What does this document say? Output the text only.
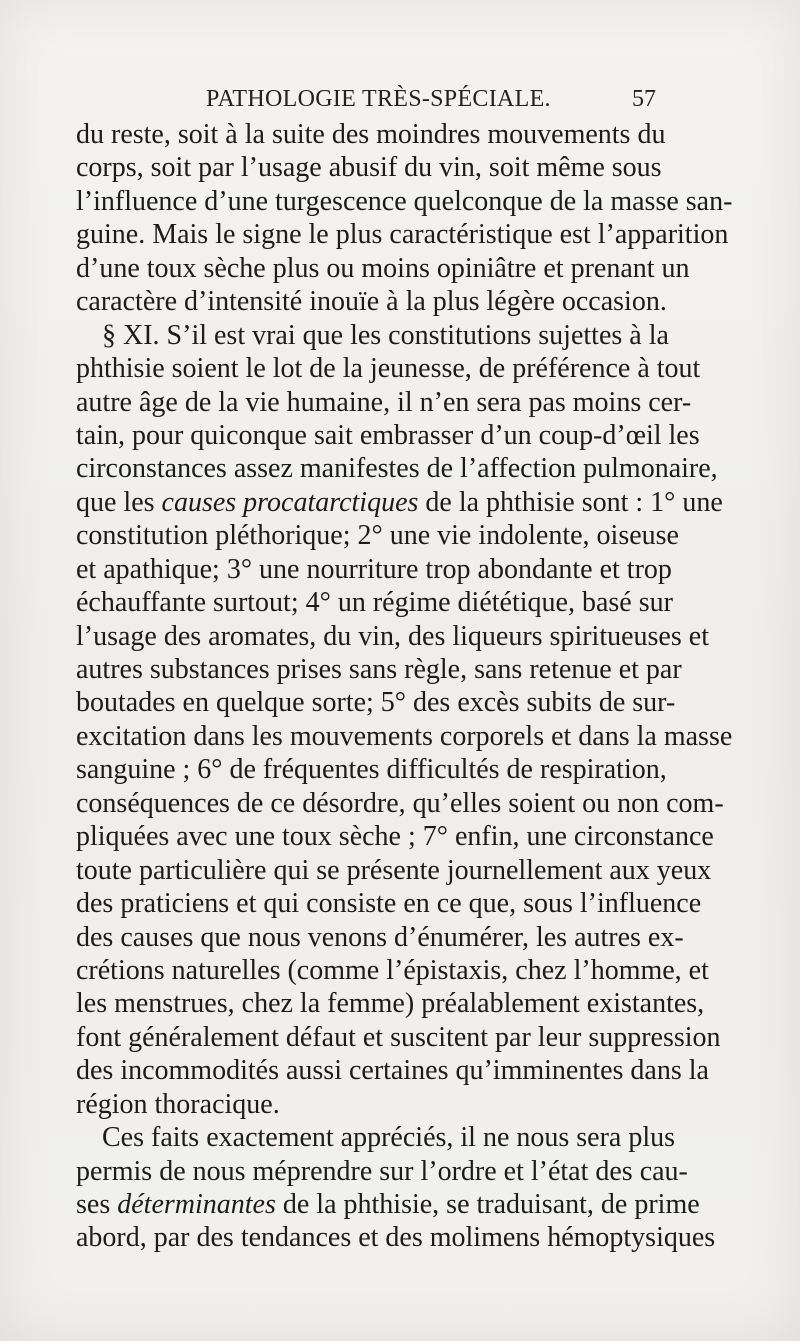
PATHOLOGIE TRÈS-SPÉCIALE.	57
du reste, soit à la suite des moindres mouvements du
corps, soit par l’usage abusif du vin, soit même sous
l’influence d’une turgescence quelconque de la masse san-
guine. Mais le signe le plus caractéristique est l’apparition
d’une toux sèche plus ou moins opiniâtre et prenant un
caractère d’intensité inouïe à la plus légère occasion.
§ XI. S’il est vrai que les constitutions sujettes à la
phthisie soient le lot de la jeunesse, de préférence à tout
autre âge de la vie humaine, il n’en sera pas moins cer-
tain, pour quiconque sait embrasser d’un coup-d’œil les
circonstances assez manifestes de l’affection pulmonaire,
que les causes procatarctiques de la phthisie sont : 1° une
constitution pléthorique; 2° une vie indolente, oiseuse
et apathique; 3° une nourriture trop abondante et trop
échauffante surtout; 4° un régime diététique, basé sur
l’usage des aromates, du vin, des liqueurs spiritueuses et
autres substances prises sans règle, sans retenue et par
boutades en quelque sorte; 5° des excès subits de sur-
excitation dans les mouvements corporels et dans la masse
sanguine ; 6° de fréquentes difficultés de respiration,
conséquences de ce désordre, qu’elles soient ou non com-
pliquées avec une toux sèche ; 7° enfin, une circonstance
toute particulière qui se présente journellement aux yeux
des praticiens et qui consiste en ce que, sous l’influence
des causes que nous venons d’énumérer, les autres ex-
crétions naturelles (comme l’épistaxis, chez l’homme, et
les menstrues, chez la femme) préalablement existantes,
font généralement défaut et suscitent par leur suppression
des incommodités aussi certaines qu’imminentes dans la
région thoracique.
Ces faits exactement appréciés, il ne nous sera plus
permis de nous méprendre sur l’ordre et l’état des cau-
ses déterminantes de la phthisie, se traduisant, de prime
abord, par des tendances et des molimens hémoptysiques
